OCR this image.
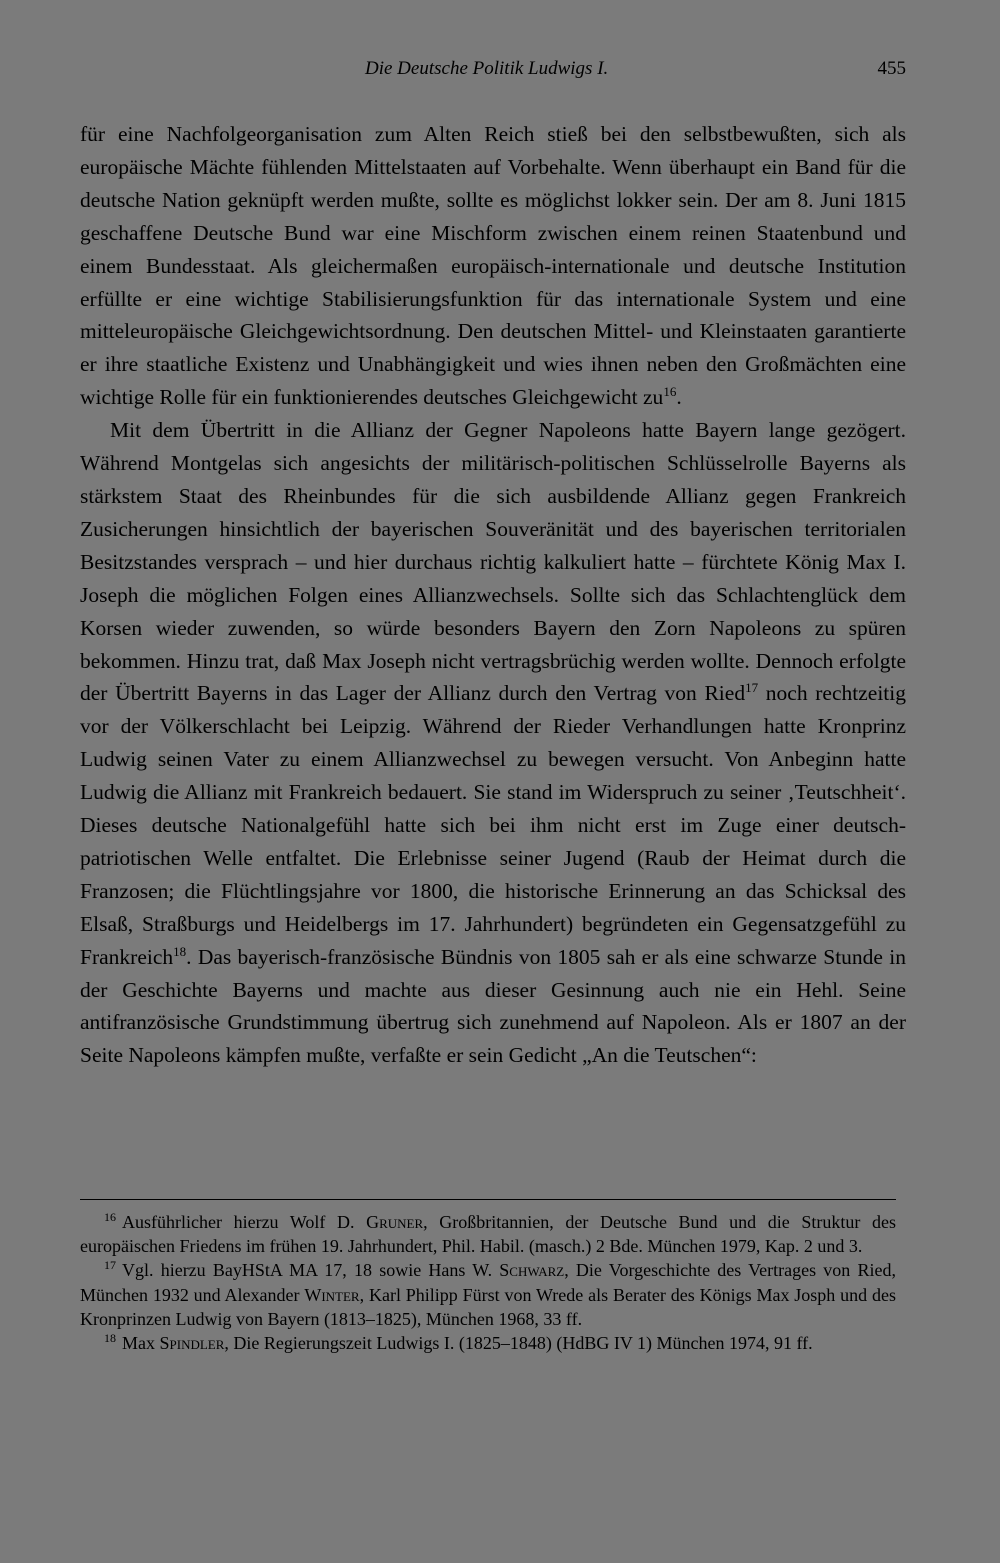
Die Deutsche Politik Ludwigs I.	455

für eine Nachfolgeorganisation zum Alten Reich stieß bei den selbstbewußten, sich als europäische Mächte fühlenden Mittelstaaten auf Vorbehalte. Wenn überhaupt ein Band für die deutsche Nation geknüpft werden mußte, sollte es möglichst lokker sein. Der am 8. Juni 1815 geschaffene Deutsche Bund war eine Mischform zwischen einem reinen Staatenbund und einem Bundesstaat. Als gleichermaßen europäisch-internationale und deutsche Institution erfüllte er eine wichtige Stabilisierungsfunktion für das internationale System und eine mitteleuropäische Gleichgewichtsordnung. Den deutschen Mittel- und Kleinstaaten garantierte er ihre staatliche Existenz und Unabhängigkeit und wies ihnen neben den Großmächten eine wichtige Rolle für ein funktionierendes deutsches Gleichgewicht $zu^{16}$.

Mit dem Übertritt in die Allianz der Gegner Napoleons hatte Bayern lange gezögert. Während Montgelas sich angesichts der militärisch-politischen Schlüsselrolle Bayerns als stärkstem Staat des Rheinbundes für die sich ausbildende Allianz gegen Frankreich Zusicherungen hinsichtlich der bayerischen Souveränität und des bayerischen territorialen Besitzstandes versprach – und hier durchaus richtig kalkuliert hatte – fürchtete König Max I. Joseph die möglichen Folgen eines Allianzwechsels. Sollte sich das Schlachtenglück dem Korsen wieder zuwenden, so würde besonders Bayern den Zorn Napoleons zu spüren bekommen. Hinzu trat, daß Max Joseph nicht vertragsbrüchig werden wollte. Dennoch erfolgte der Übertritt Bayerns in das Lager der Allianz durch den Vertrag von Ried$^{17}$ noch rechtzeitig vor der Völkerschlacht bei Leipzig. Während der Rieder Verhandlungen hatte Kronprinz Ludwig seinen Vater zu einem Allianzwechsel zu bewegen versucht. Von Anbeginn hatte Ludwig die Allianz mit Frankreich bedauert. Sie stand im Widerspruch zu seiner ‚Teutschheit‘. Dieses deutsche Nationalgefühl hatte sich bei ihm nicht erst im Zuge einer deutsch-patriotischen Welle entfaltet. Die Erlebnisse seiner Jugend (Raub der Heimat durch die Franzosen; die Flüchtlingsjahre vor 1800, die historische Erinnerung an das Schicksal des Elsaß, Straßburgs und Heidelbergs im 17. Jahrhundert) begründeten ein Gegensatzgefühl zu Frankreich$^{18}$. Das bayerisch-französische Bündnis von 1805 sah er als eine schwarze Stunde in der Geschichte Bayerns und machte aus dieser Gesinnung auch nie ein Hehl. Seine antifranzösische Grundstimmung übertrug sich zunehmend auf Napoleon. Als er 1807 an der Seite Napoleons kämpfen mußte, verfaßte er sein Gedicht „An die Teutschen“:

$^{16}$ Ausführlicher hierzu Wolf D. Gruner, Großbritannien, der Deutsche Bund und die Struktur des europäischen Friedens im frühen 19. Jahrhundert, Phil. Habil. (masch.) 2 Bde. München 1979, Kap. 2 und 3.

$^{17}$ Vgl. hierzu BayHStA MA 17, 18 sowie Hans W. Schwarz, Die Vorgeschichte des Vertrages von Ried, München 1932 und Alexander Winter, Karl Philipp Fürst von Wrede als Berater des Königs Max Josph und des Kronprinzen Ludwig von Bayern (1813–1825), München 1968, 33 ff.

$^{18}$ Max Spindler, Die Regierungszeit Ludwigs I. (1825–1848) (HdBG IV 1) München 1974, 91 ff.
